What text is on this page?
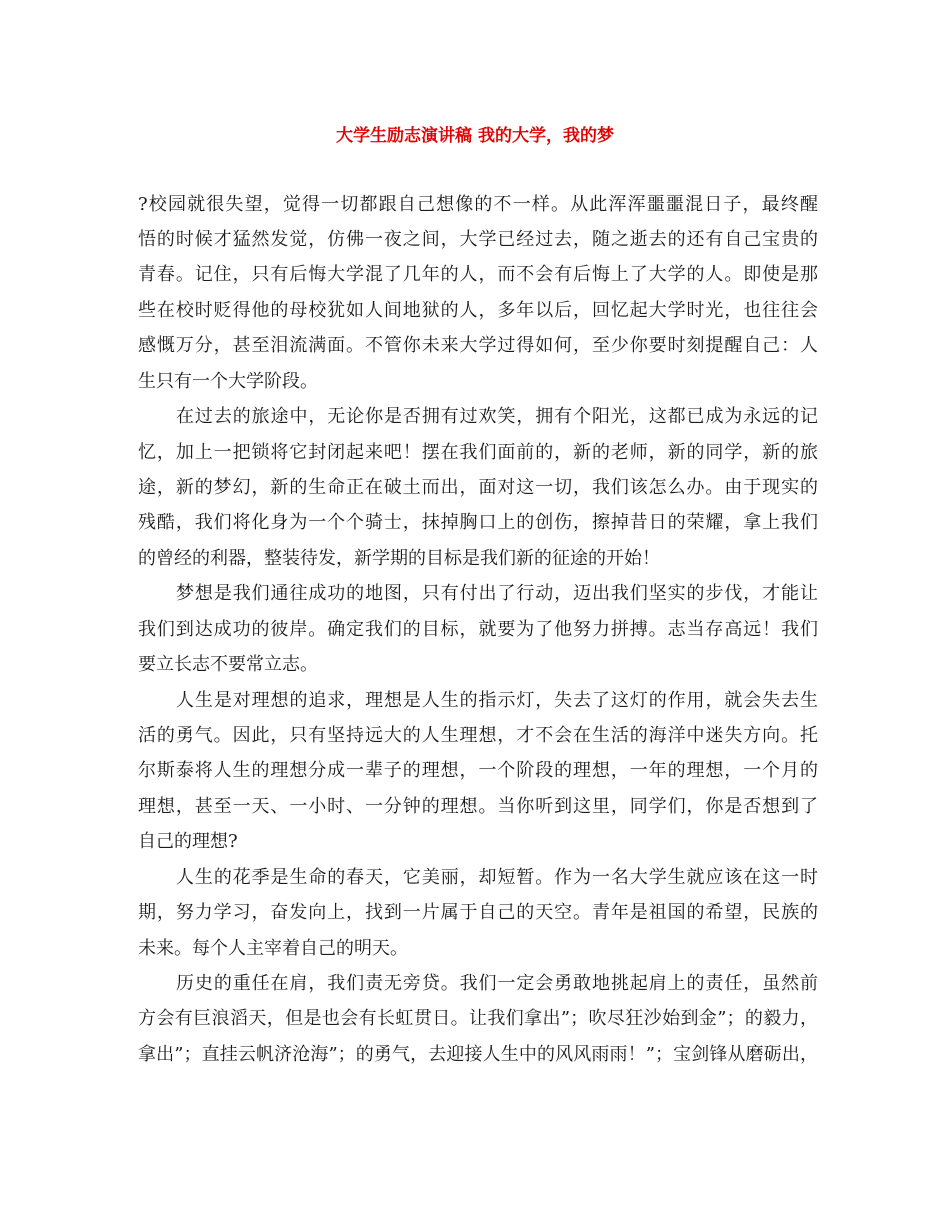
大学生励志演讲稿 我的大学，我的梦
?校园就很失望，觉得一切都跟自己想像的不一样。从此浑浑噩噩混日子，最终醒
悟的时候才猛然发觉，仿佛一夜之间，大学已经过去，随之逝去的还有自己宝贵的
青春。记住，只有后悔大学混了几年的人，而不会有后悔上了大学的人。即使是那
些在校时贬得他的母校犹如人间地狱的人，多年以后，回忆起大学时光，也往往会
感慨万分，甚至泪流满面。不管你未来大学过得如何，至少你要时刻提醒自己：人
生只有一个大学阶段。
在过去的旅途中，无论你是否拥有过欢笑，拥有个阳光，这都已成为永远的记
忆，加上一把锁将它封闭起来吧！摆在我们面前的，新的老师，新的同学，新的旅
途，新的梦幻，新的生命正在破土而出，面对这一切，我们该怎么办。由于现实的
残酷，我们将化身为一个个骑士，抹掉胸口上的创伤，擦掉昔日的荣耀，拿上我们
的曾经的利器，整装待发，新学期的目标是我们新的征途的开始！
梦想是我们通往成功的地图，只有付出了行动，迈出我们坚实的步伐，才能让
我们到达成功的彼岸。确定我们的目标，就要为了他努力拼搏。志当存高远！我们
要立长志不要常立志。
人生是对理想的追求，理想是人生的指示灯，失去了这灯的作用，就会失去生
活的勇气。因此，只有坚持远大的人生理想，才不会在生活的海洋中迷失方向。托
尔斯泰将人生的理想分成一辈子的理想，一个阶段的理想，一年的理想，一个月的
理想，甚至一天、一小时、一分钟的理想。当你听到这里，同学们，你是否想到了
自己的理想?
人生的花季是生命的春天，它美丽，却短暂。作为一名大学生就应该在这一时
期，努力学习，奋发向上，找到一片属于自己的天空。青年是祖国的希望，民族的
未来。每个人主宰着自己的明天。
历史的重任在肩，我们责无旁贷。我们一定会勇敢地挑起肩上的责任，虽然前
方会有巨浪滔天，但是也会有长虹贯日。让我们拿出”；吹尽狂沙始到金”；的毅力，
拿出”；直挂云帆济沧海”；的勇气，去迎接人生中的风风雨雨！”；宝剑锋从磨砺出，
